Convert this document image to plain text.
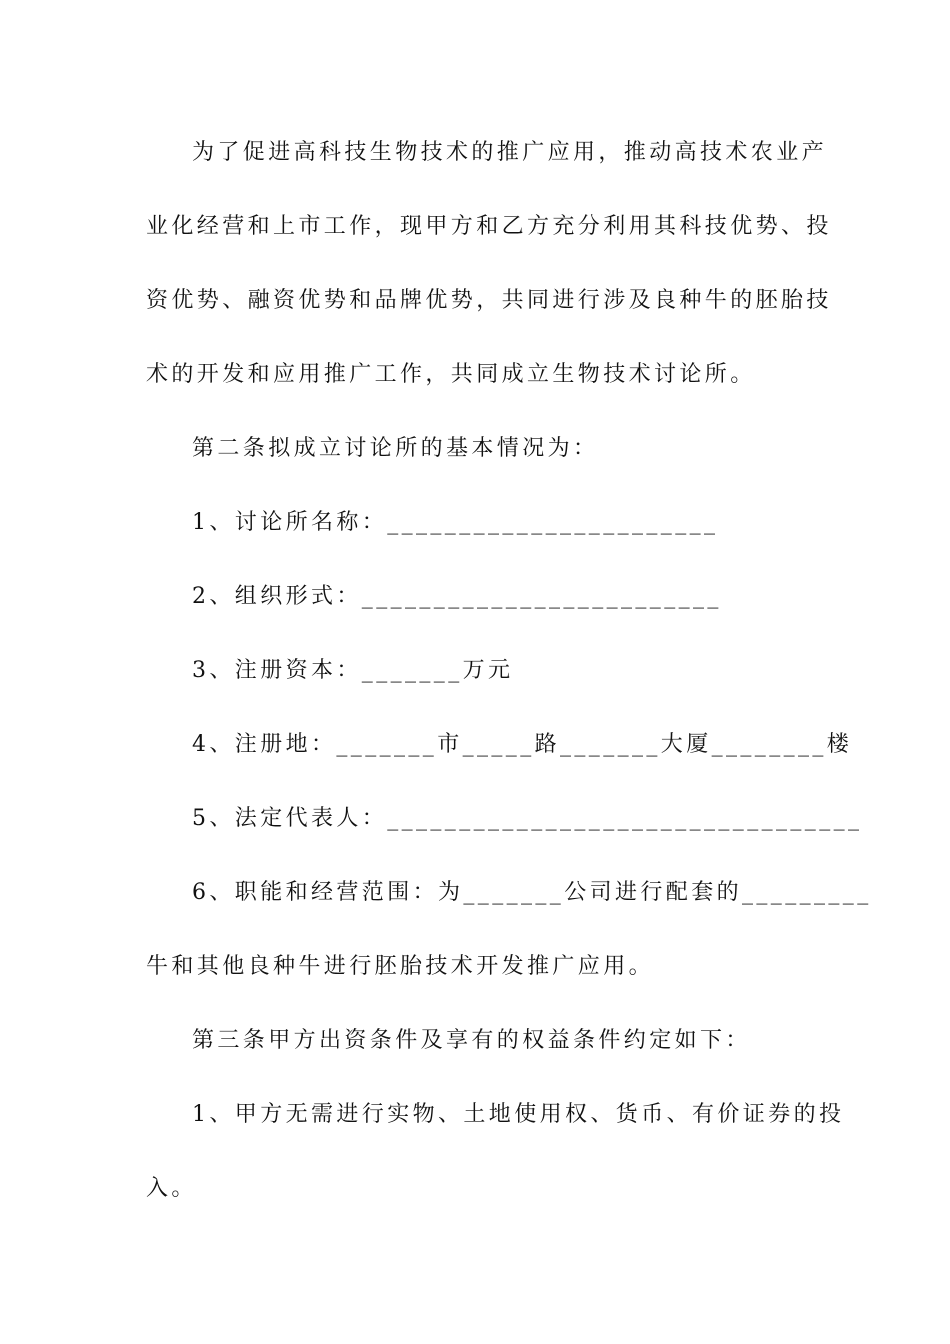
为了促进高科技生物技术的推广应用，推动高技术农业产
业化经营和上市工作，现甲方和乙方充分利用其科技优势、投
资优势、融资优势和品牌优势，共同进行涉及良种牛的胚胎技
术的开发和应用推广工作，共同成立生物技术讨论所。
第二条拟成立讨论所的基本情况为：
1、讨论所名称：_______________________
2、组织形式：_________________________
3、注册资本：_______万元
4、注册地：_______市_____路_______大厦________楼
5、法定代表人：_________________________________
6、职能和经营范围：为_______公司进行配套的_________
牛和其他良种牛进行胚胎技术开发推广应用。
第三条甲方出资条件及享有的权益条件约定如下：
1、甲方无需进行实物、土地使用权、货币、有价证券的投
入。
